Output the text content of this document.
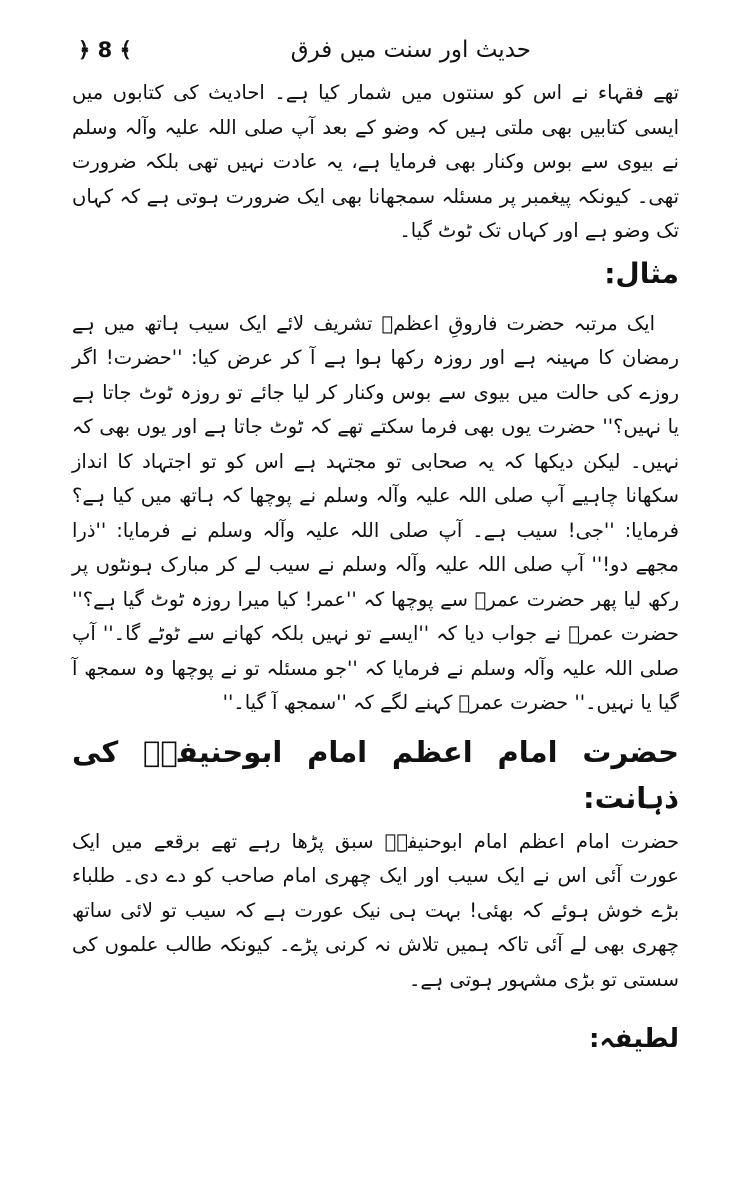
حدیث اور سنت میں فرق
﴿ 8 ﴾

تھے فقہاء نے اس کو سنتوں میں شمار کیا ہے۔ احادیث کی کتابوں میں ایسی کتابیں بھی ملتی ہیں کہ وضو کے بعد آپ صلی اللہ علیہ وآلہ وسلم نے بیوی سے بوس وکنار بھی فرمایا ہے، یہ عادت نہیں تھی بلکہ ضرورت تھی۔ کیونکہ پیغمبر پر مسئلہ سمجھانا بھی ایک ضرورت ہوتی ہے کہ کہاں تک وضو ہے اور کہاں تک ٹوٹ گیا۔

مثال:

ایک مرتبہ حضرت فاروقِ اعظمؓ تشریف لائے ایک سیب ہاتھ میں ہے رمضان کا مہینہ ہے اور روزہ رکھا ہوا ہے آ کر عرض کیا: ''حضرت! اگر روزے کی حالت میں بیوی سے بوس وکنار کر لیا جائے تو روزہ ٹوٹ جاتا ہے یا نہیں؟'' حضرت یوں بھی فرما سکتے تھے کہ ٹوٹ جاتا ہے اور یوں بھی کہ نہیں۔ لیکن دیکھا کہ یہ صحابی تو مجتہد ہے اس کو تو اجتہاد کا انداز سکھانا چاہیے آپ صلی اللہ علیہ وآلہ وسلم نے پوچھا کہ ہاتھ میں کیا ہے؟ فرمایا: ''جی! سیب ہے۔ آپ صلی اللہ علیہ وآلہ وسلم نے فرمایا: ''ذرا مجھے دو!'' آپ صلی اللہ علیہ وآلہ وسلم نے سیب لے کر مبارک ہونٹوں پر رکھ لیا پھر حضرت عمرؓ سے پوچھا کہ ''عمر! کیا میرا روزہ ٹوٹ گیا ہے؟'' حضرت عمرؓ نے جواب دیا کہ ''ایسے تو نہیں بلکہ کھانے سے ٹوٹے گا۔'' آپ صلی اللہ علیہ وآلہ وسلم نے فرمایا کہ ''جو مسئلہ تو نے پوچھا وہ سمجھ آ گیا یا نہیں۔'' حضرت عمرؓ کہنے لگے کہ ''سمجھ آ گیا۔''

حضرت امام اعظم امام ابوحنیفہؒ کی ذہانت:

حضرت امام اعظم امام ابوحنیفہؒ سبق پڑھا رہے تھے برقعے میں ایک عورت آئی اس نے ایک سیب اور ایک چھری امام صاحب کو دے دی۔ طلباء بڑے خوش ہوئے کہ بھئی! بہت ہی نیک عورت ہے کہ سیب تو لائی ساتھ چھری بھی لے آئی تاکہ ہمیں تلاش نہ کرنی پڑے۔ کیونکہ طالب علموں کی سستی تو بڑی مشہور ہوتی ہے۔

لطیفہ:
